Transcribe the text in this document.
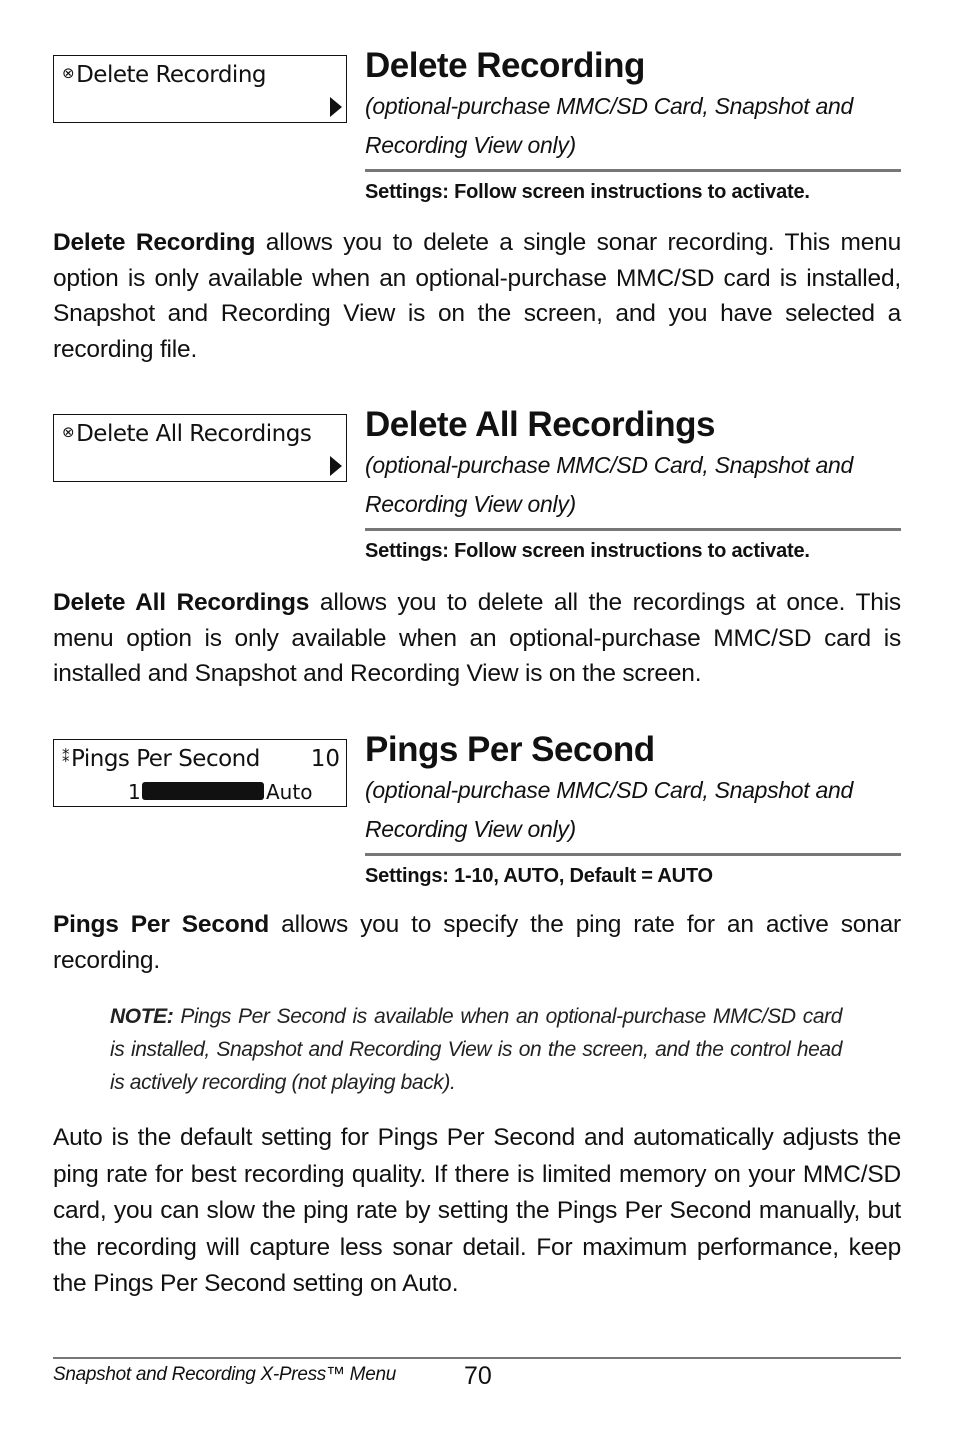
⊗Delete Recording	Delete Recording

(optional-purchase MMC/SD Card, Snapshot and
Recording View only)

Settings: Follow screen instructions to activate.

Delete Recording allows you to delete a single sonar recording. This menu option is only available when an optional-purchase MMC/SD card is installed, Snapshot and Recording View is on the screen, and you have selected a recording file.

⊗Delete All Recordings Delete All Recordings

(optional-purchase MMC/SD Card, Snapshot and
Recording View only)

Settings: Follow screen instructions to activate.

Delete All Recordings allows you to delete all the recordings at once. This menu option is only available when an optional-purchase MMC/SD card is installed and Snapshot and Recording View is on the screen.

⁑Pings Per Second 10
1	Auto
Pings Per Second

(optional-purchase MMC/SD Card, Snapshot and
Recording View only)

Settings: 1-10, AUTO, Default = AUTO

Pings Per Second allows you to specify the ping rate for an active sonar recording.

NOTE: Pings Per Second is available when an optional-purchase MMC/SD card is installed, Snapshot and Recording View is on the screen, and the control head is actively recording (not playing back).

Auto is the default setting for Pings Per Second and automatically adjusts the ping rate for best recording quality. If there is limited memory on your MMC/SD card, you can slow the ping rate by setting the Pings Per Second manually, but the recording will capture less sonar detail. For maximum performance, keep the Pings Per Second setting on Auto.

Snapshot and Recording X-Press™ Menu	70
